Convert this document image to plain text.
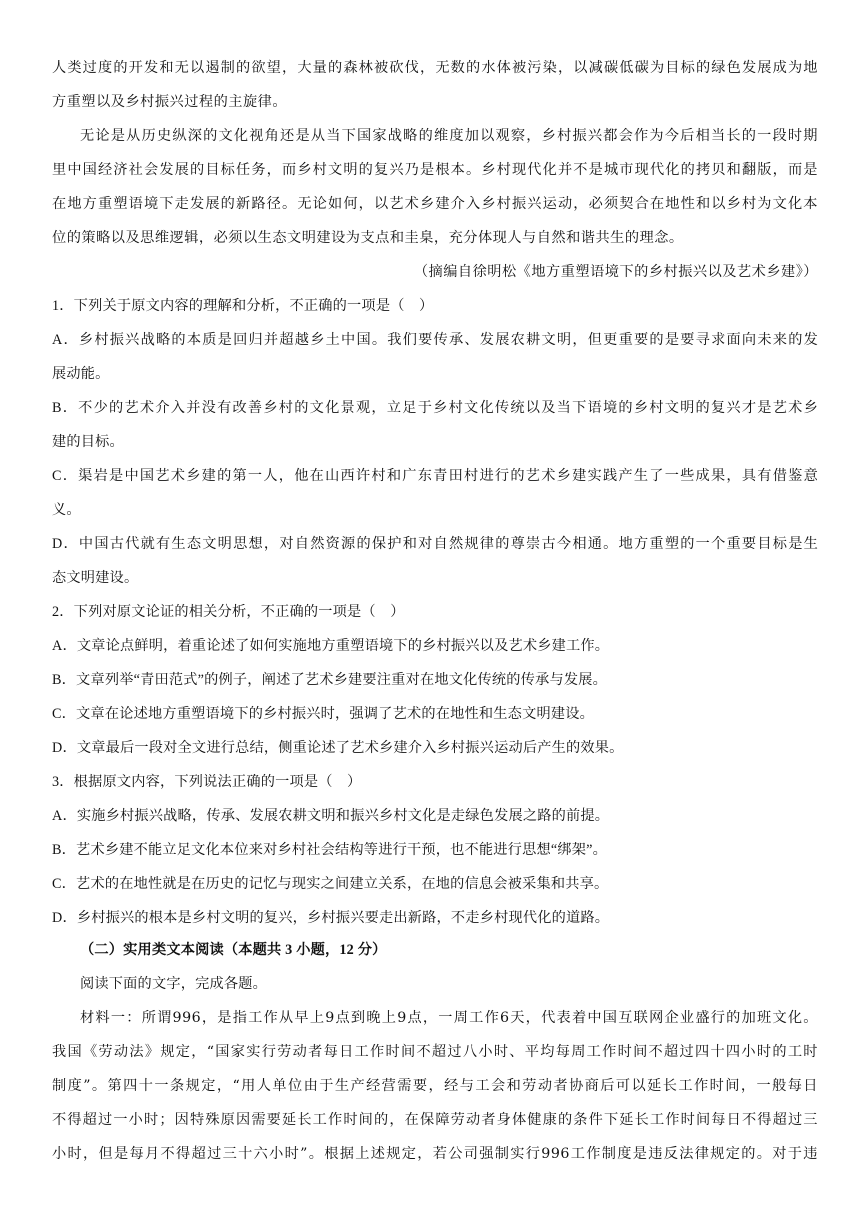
人类过度的开发和无以遏制的欲望，大量的森林被砍伐，无数的水体被污染，以减碳低碳为目标的绿色发展成为地
方重塑以及乡村振兴过程的主旋律。
无论是从历史纵深的文化视角还是从当下国家战略的维度加以观察，乡村振兴都会作为今后相当长的一段时期
里中国经济社会发展的目标任务，而乡村文明的复兴乃是根本。乡村现代化并不是城市现代化的拷贝和翻版，而是
在地方重塑语境下走发展的新路径。无论如何，以艺术乡建介入乡村振兴运动，必须契合在地性和以乡村为文化本
位的策略以及思维逻辑，必须以生态文明建设为支点和圭臬，充分体现人与自然和谐共生的理念。
（摘编自徐明松《地方重塑语境下的乡村振兴以及艺术乡建》）
1．下列关于原文内容的理解和分析，不正确的一项是（　）
A．乡村振兴战略的本质是回归并超越乡土中国。我们要传承、发展农耕文明，但更重要的是要寻求面向未来的发
展动能。
B．不少的艺术介入并没有改善乡村的文化景观，立足于乡村文化传统以及当下语境的乡村文明的复兴才是艺术乡
建的目标。
C．渠岩是中国艺术乡建的第一人，他在山西许村和广东青田村进行的艺术乡建实践产生了一些成果，具有借鉴意
义。
D．中国古代就有生态文明思想，对自然资源的保护和对自然规律的尊崇古今相通。地方重塑的一个重要目标是生
态文明建设。
2．下列对原文论证的相关分析，不正确的一项是（　）
A．文章论点鲜明，着重论述了如何实施地方重塑语境下的乡村振兴以及艺术乡建工作。
B．文章列举“青田范式”的例子，阐述了艺术乡建要注重对在地文化传统的传承与发展。
C．文章在论述地方重塑语境下的乡村振兴时，强调了艺术的在地性和生态文明建设。
D．文章最后一段对全文进行总结，侧重论述了艺术乡建介入乡村振兴运动后产生的效果。
3．根据原文内容，下列说法正确的一项是（　）
A．实施乡村振兴战略，传承、发展农耕文明和振兴乡村文化是走绿色发展之路的前提。
B．艺术乡建不能立足文化本位来对乡村社会结构等进行干预，也不能进行思想“绑架”。
C．艺术的在地性就是在历史的记忆与现实之间建立关系，在地的信息会被采集和共享。
D．乡村振兴的根本是乡村文明的复兴，乡村振兴要走出新路，不走乡村现代化的道路。
（二）实用类文本阅读（本题共 3 小题，12 分）
阅读下面的文字，完成各题。
材料一：所谓996，是指工作从早上9点到晚上9点，一周工作6天，代表着中国互联网企业盛行的加班文化。
我国《劳动法》规定，“国家实行劳动者每日工作时间不超过八小时、平均每周工作时间不超过四十四小时的工时
制度”。第四十一条规定，“用人单位由于生产经营需要，经与工会和劳动者协商后可以延长工作时间，一般每日
不得超过一小时；因特殊原因需要延长工作时间的，在保障劳动者身体健康的条件下延长工作时间每日不得超过三
小时，但是每月不得超过三十六小时”。根据上述规定，若公司强制实行996工作制度是违反法律规定的。对于违
